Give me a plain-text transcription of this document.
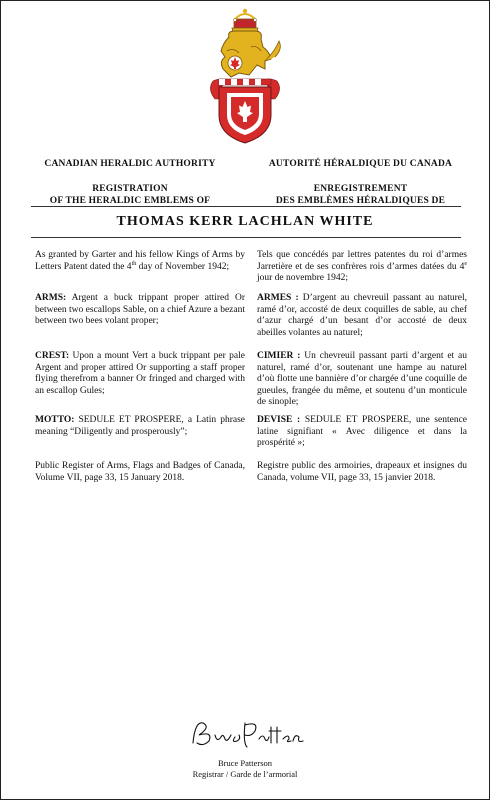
CANADIAN HERALDIC AUTHORITY
REGISTRATION
OF THE HERALDIC EMBLEMS OF
AUTORITÉ HÉRALDIQUE DU CANADA
ENREGISTREMENT
DES EMBLÈMES HÉRALDIQUES DE
THOMAS KERR LACHLAN WHITE
As granted by Garter and his fellow Kings of Arms by Letters Patent dated the 4th day of November 1942;
ARMS: Argent a buck trippant proper attired Or between two escallops Sable, on a chief Azure a bezant between two bees volant proper;
CREST: Upon a mount Vert a buck trippant per pale Argent and proper attired Or supporting a staff proper flying therefrom a banner Or fringed and charged with an escallop Gules;
MOTTO: SEDULE ET PROSPERE, a Latin phrase meaning “Diligently and prosperously”;
Public Register of Arms, Flags and Badges of Canada, Volume VII, page 33, 15 January 2018.
Tels que concédés par lettres patentes du roi d’armes Jarretière et de ses confrères rois d’armes datées du 4e jour de novembre 1942;
ARMES : D’argent au chevreuil passant au naturel, ramé d’or, accosté de deux coquilles de sable, au chef d’azur chargé d’un besant d’or accosté de deux abeilles volantes au naturel;
CIMIER : Un chevreuil passant parti d’argent et au naturel, ramé d’or, soutenant une hampe au naturel d’où flotte une bannière d’or chargée d’une coquille de gueules, frangée du même, et soutenu d’un monticule de sinople;
DEVISE : SEDULE ET PROSPERE, une sentence latine signifiant « Avec diligence et dans la prospérité »;
Registre public des armoiries, drapeaux et insignes du Canada, volume VII, page 33, 15 janvier 2018.
Bruce Patterson
Registrar / Garde de l’armorial
